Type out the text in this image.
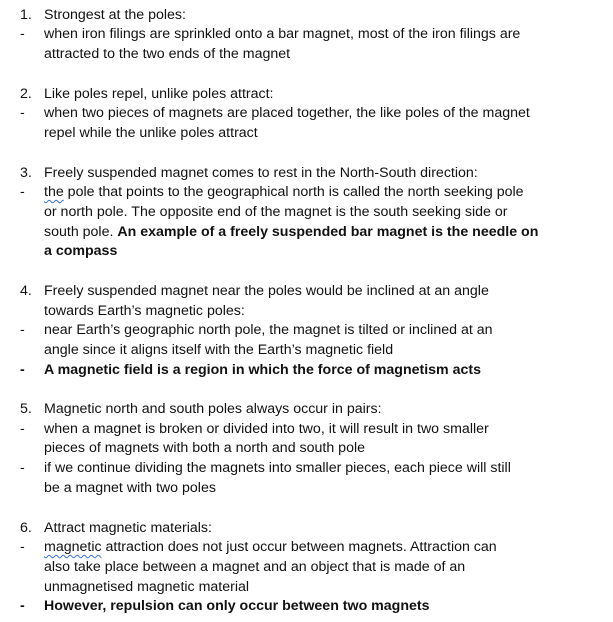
1. Strongest at the poles:
- when iron filings are sprinkled onto a bar magnet, most of the iron filings are
attracted to the two ends of the magnet
2. Like poles repel, unlike poles attract:
- when two pieces of magnets are placed together, the like poles of the magnet
repel while the unlike poles attract
3. Freely suspended magnet comes to rest in the North-South direction:
- the pole that points to the geographical north is called the north seeking pole
or north pole. The opposite end of the magnet is the south seeking side or
south pole. An example of a freely suspended bar magnet is the needle on
a compass
4. Freely suspended magnet near the poles would be inclined at an angle
towards Earth’s magnetic poles:
- near Earth’s geographic north pole, the magnet is tilted or inclined at an
angle since it aligns itself with the Earth’s magnetic field
- A magnetic field is a region in which the force of magnetism acts
5. Magnetic north and south poles always occur in pairs:
- when a magnet is broken or divided into two, it will result in two smaller
pieces of magnets with both a north and south pole
- if we continue dividing the magnets into smaller pieces, each piece will still
be a magnet with two poles
6. Attract magnetic materials:
- magnetic attraction does not just occur between magnets. Attraction can
also take place between a magnet and an object that is made of an
unmagnetised magnetic material
- However, repulsion can only occur between two magnets
